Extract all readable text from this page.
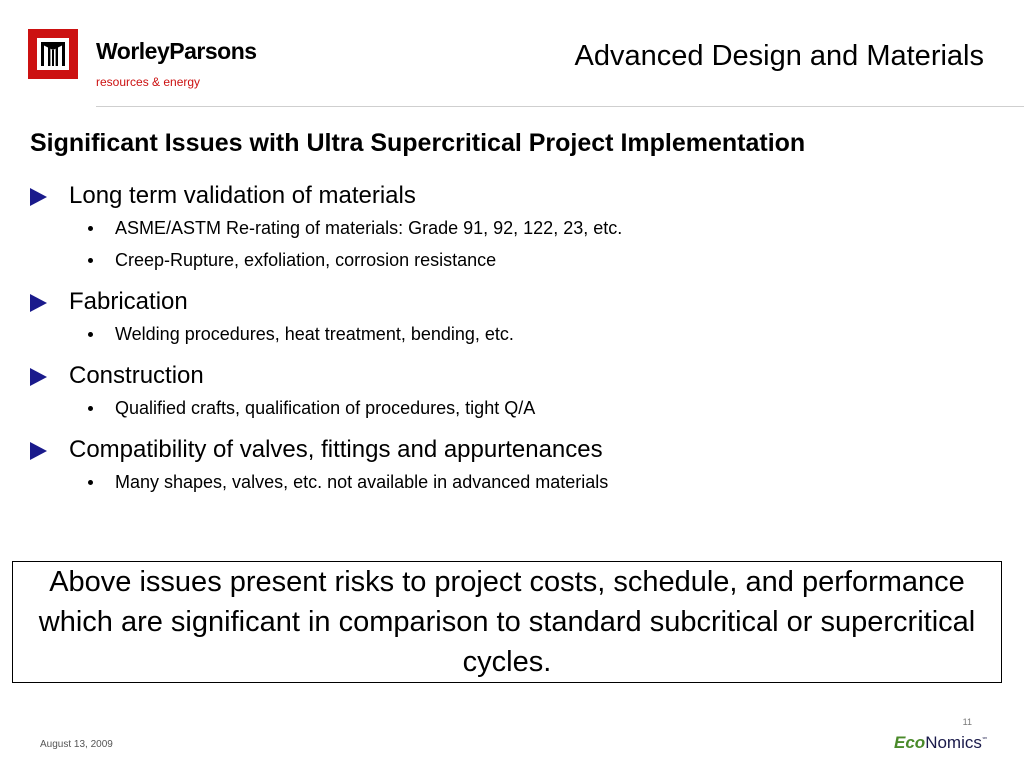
WorleyParsons
resources & energy
Advanced Design and Materials
Significant Issues with Ultra Supercritical Project Implementation
Long term validation of materials
ASME/ASTM Re-rating of materials: Grade 91, 92, 122, 23, etc.
Creep-Rupture, exfoliation, corrosion resistance
Fabrication
Welding procedures, heat treatment, bending, etc.
Construction
Qualified crafts, qualification of procedures, tight Q/A
Compatibility of valves, fittings and appurtenances
Many shapes, valves, etc. not available in advanced materials
Above issues present risks to project costs, schedule, and performance which are significant in comparison to standard subcritical or supercritical cycles.
August 13, 2009
11
EcoNomics℠
